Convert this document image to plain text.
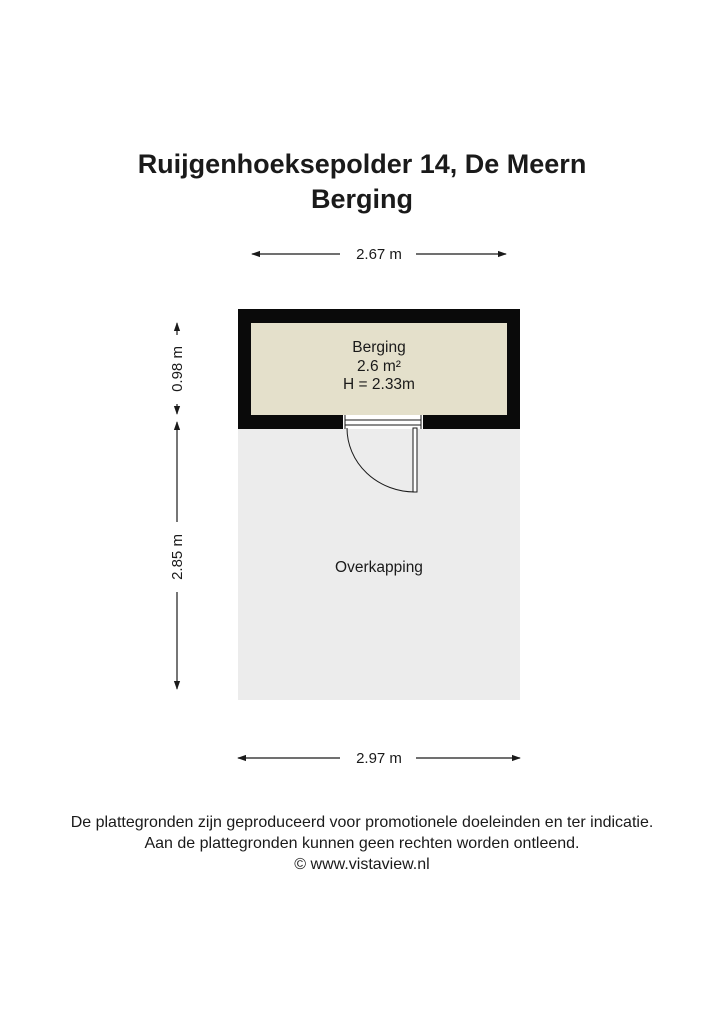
Ruijgenhoeksepolder 14, De Meern
Berging
2.67 m
2.97 m
0.98 m
2.85 m
Berging
2.6 m²
H = 2.33m
Overkapping
De plattegronden zijn geproduceerd voor promotionele doeleinden en ter indicatie.
Aan de plattegronden kunnen geen rechten worden ontleend.
© www.vistaview.nl
